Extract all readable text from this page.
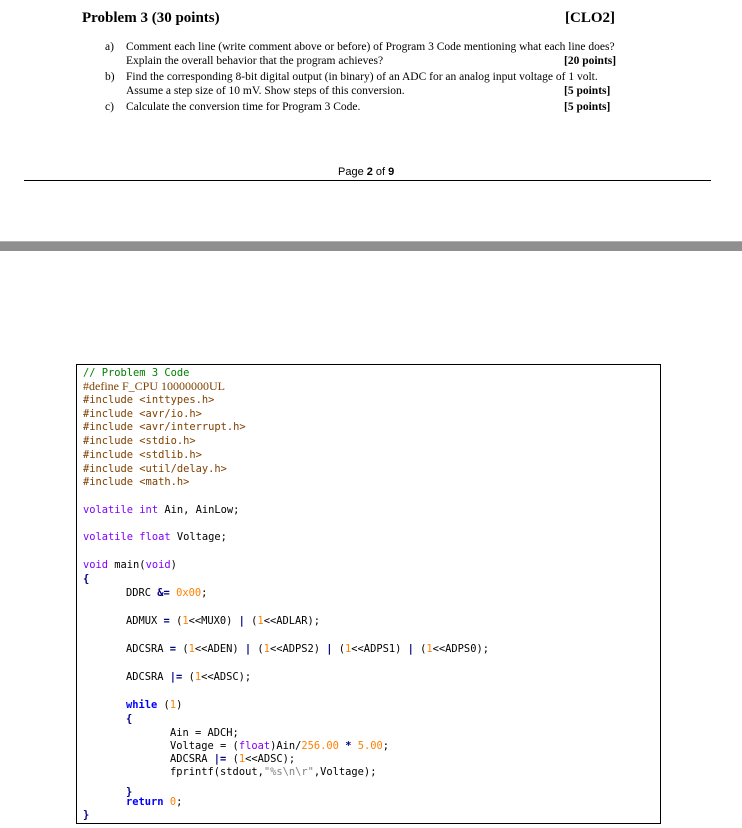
Problem 3 (30 points)	[CLO2]
a) Comment each line (write comment above or before) of Program 3 Code mentioning what each line does?
Explain the overall behavior that the program achieves?	[20 points]
b) Find the corresponding 8-bit digital output (in binary) of an ADC for an analog input voltage of 1 volt.
Assume a step size of 10 mV. Show steps of this conversion.	[5 points]
c) Calculate the conversion time for Program 3 Code.	[5 points]
Page 2 of 9
// Problem 3 Code
#define F_CPU 10000000UL
#include <inttypes.h>
#include <avr/io.h>
#include <avr/interrupt.h>
#include <stdio.h>
#include <stdlib.h>
#include <util/delay.h>
#include <math.h>
volatile int Ain, AinLow;
volatile float Voltage;
void main(void)
{
DDRC &= 0x00;
ADMUX = (1<<MUX0) | (1<<ADLAR);
ADCSRA = (1<<ADEN) | (1<<ADPS2) | (1<<ADPS1) | (1<<ADPS0);
ADCSRA |= (1<<ADSC);
while (1)
{
Ain = ADCH;
Voltage = (float)Ain/256.00 * 5.00;
ADCSRA |= (1<<ADSC);
fprintf(stdout,"%s\n\r",Voltage);
}
return 0;
}
